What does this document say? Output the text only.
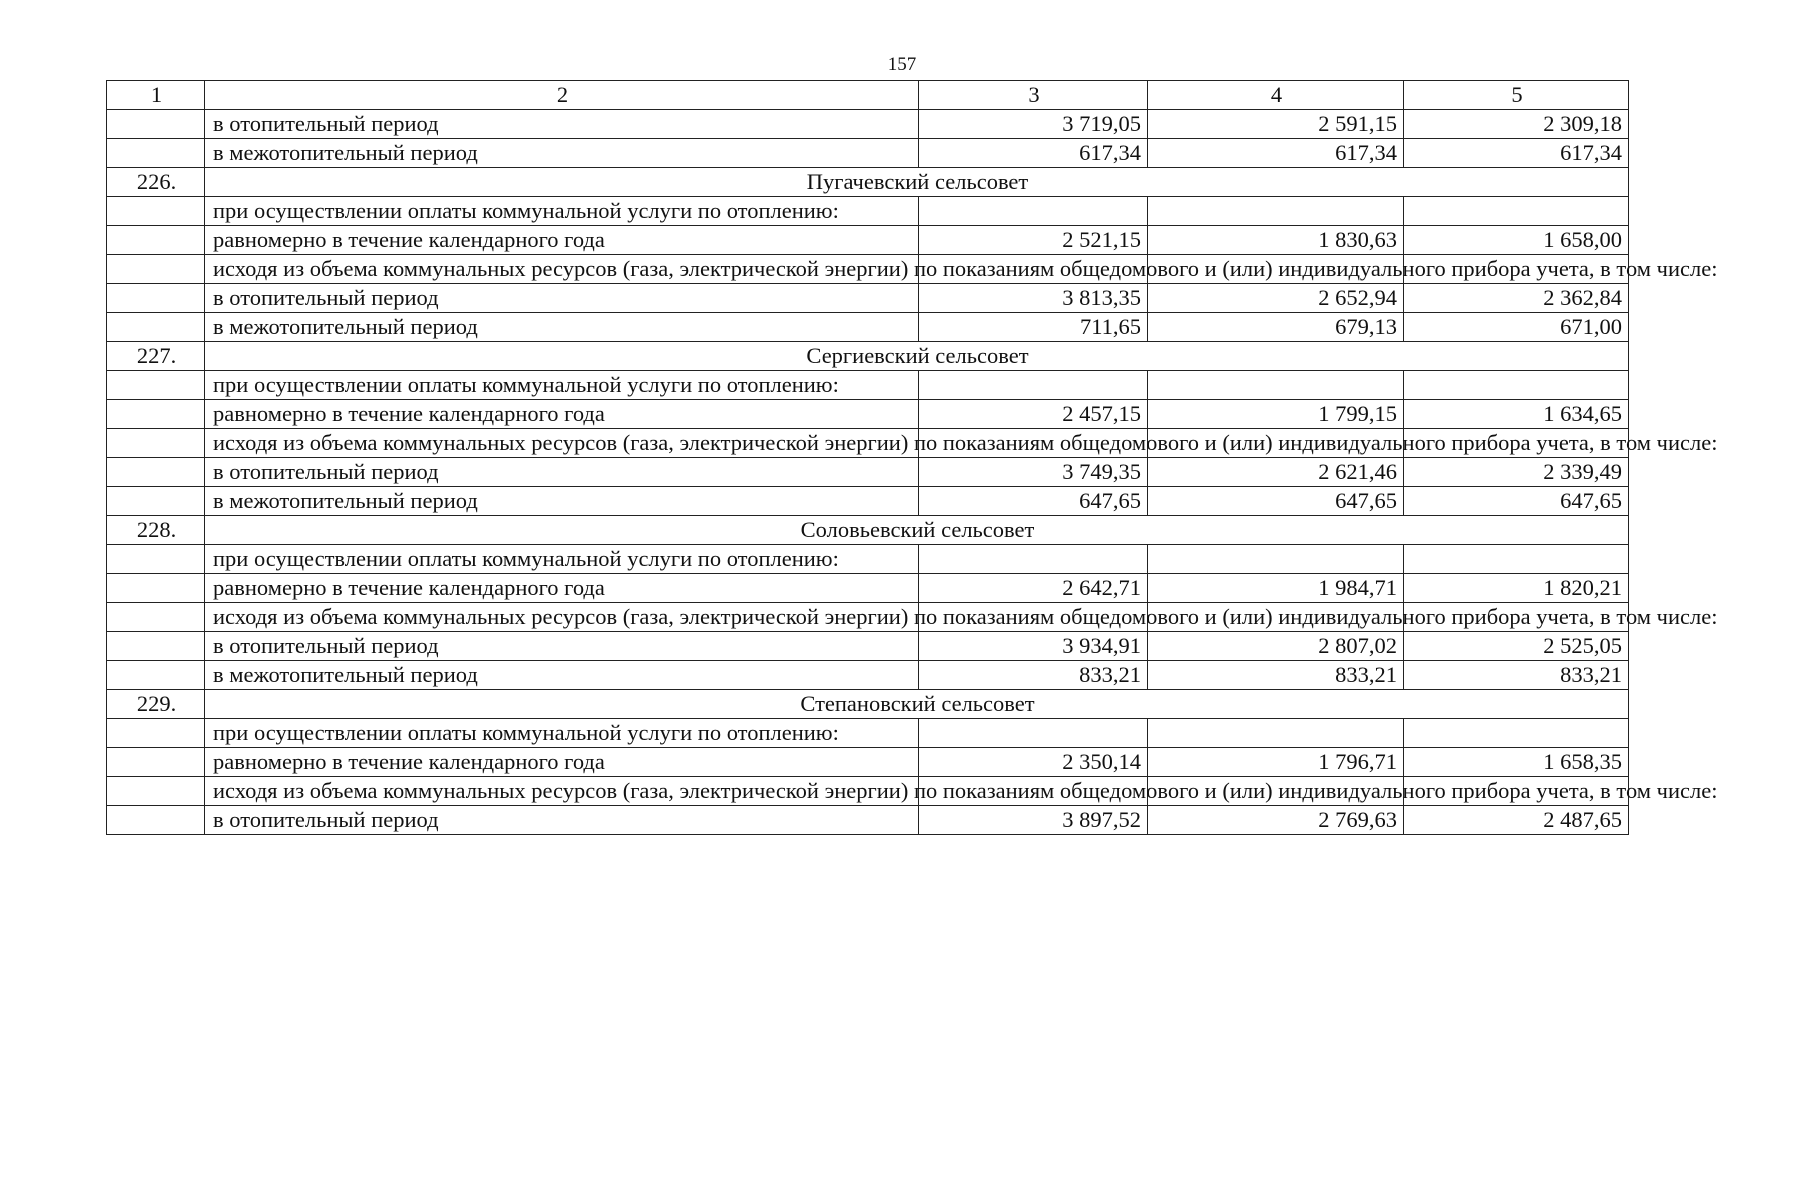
157
1	2	3	4	5
	в отопительный период	3 719,05	2 591,15	2 309,18
	в межотопительный период	617,34	617,34	617,34
226.	Пугачевский сельсовет			
	при осуществлении оплаты коммунальной услуги по отоплению:			
	равномерно в течение календарного года	2 521,15	1 830,63	1 658,00
	исходя из объема коммунальных ресурсов (газа, электрической энергии) по показаниям общедомового и (или) индивидуального прибора учета, в том числе:			
	в отопительный период	3 813,35	2 652,94	2 362,84
	в межотопительный период	711,65	679,13	671,00
227.	Сергиевский сельсовет			
	при осуществлении оплаты коммунальной услуги по отоплению:			
	равномерно в течение календарного года	2 457,15	1 799,15	1 634,65
	исходя из объема коммунальных ресурсов (газа, электрической энергии) по показаниям общедомового и (или) индивидуального прибора учета, в том числе:			
	в отопительный период	3 749,35	2 621,46	2 339,49
	в межотопительный период	647,65	647,65	647,65
228.	Соловьевский сельсовет			
	при осуществлении оплаты коммунальной услуги по отоплению:			
	равномерно в течение календарного года	2 642,71	1 984,71	1 820,21
	исходя из объема коммунальных ресурсов (газа, электрической энергии) по показаниям общедомового и (или) индивидуального прибора учета, в том числе:			
	в отопительный период	3 934,91	2 807,02	2 525,05
	в межотопительный период	833,21	833,21	833,21
229.	Степановский сельсовет			
	при осуществлении оплаты коммунальной услуги по отоплению:			
	равномерно в течение календарного года	2 350,14	1 796,71	1 658,35
	исходя из объема коммунальных ресурсов (газа, электрической энергии) по показаниям общедомового и (или) индивидуального прибора учета, в том числе:			
	в отопительный период	3 897,52	2 769,63	2 487,65
